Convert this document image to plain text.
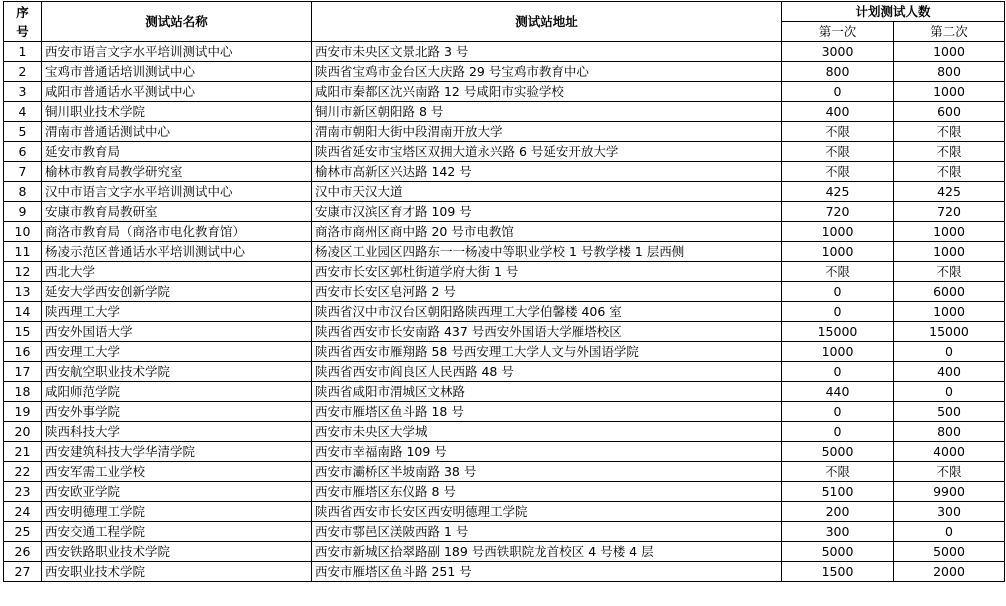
序号	测试站名称	测试站地址	计划测试人数	
			第一次	第二次
1	西安市语言文字水平培训测试中心	西安市未央区文景北路 3 号	3000	1000
2	宝鸡市普通话培训测试中心	陕西省宝鸡市金台区大庆路 29 号宝鸡市教育中心	800	800
3	咸阳市普通话水平测试中心	咸阳市秦都区沈兴南路 12 号咸阳市实验学校	0	1000
4	铜川职业技术学院	铜川市新区朝阳路 8 号	400	600
5	渭南市普通话测试中心	渭南市朝阳大街中段渭南开放大学	不限	不限
6	延安市教育局	陕西省延安市宝塔区双拥大道永兴路 6 号延安开放大学	不限	不限
7	榆林市教育局教学研究室	榆林市高新区兴达路 142 号	不限	不限
8	汉中市语言文字水平培训测试中心	汉中市天汉大道	425	425
9	安康市教育局教研室	安康市汉滨区育才路 109 号	720	720
10	商洛市教育局（商洛市电化教育馆）	商洛市商州区商中路 20 号市电教馆	1000	1000
11	杨凌示范区普通话水平培训测试中心	杨凌区工业园区四路东一一杨凌中等职业学校 1 号教学楼 1 层西侧	1000	1000
12	西北大学	西安市长安区郭杜街道学府大街 1 号	不限	不限
13	延安大学西安创新学院	西安市长安区皂河路 2 号	0	6000
14	陕西理工大学	陕西省汉中市汉台区朝阳路陕西理工大学伯馨楼 406 室	0	1000
15	西安外国语大学	陕西省西安市长安南路 437 号西安外国语大学雁塔校区	15000	15000
16	西安理工大学	陕西省西安市雁翔路 58 号西安理工大学人文与外国语学院	1000	0
17	西安航空职业技术学院	陕西省西安市阎良区人民西路 48 号	0	400
18	咸阳师范学院	陕西省咸阳市渭城区文林路	440	0
19	西安外事学院	西安市雁塔区鱼斗路 18 号	0	500
20	陕西科技大学	西安市未央区大学城	0	800
21	西安建筑科技大学华清学院	西安市幸福南路 109 号	5000	4000
22	西安军需工业学校	西安市灞桥区半坡南路 38 号	不限	不限
23	西安欧亚学院	西安市雁塔区东仪路 8 号	5100	9900
24	西安明德理工学院	陕西省西安市长安区西安明德理工学院	200	300
25	西安交通工程学院	西安市鄠邑区渼陂西路 1 号	300	0
26	西安铁路职业技术学院	西安市新城区拾翠路副 189 号西铁职院龙首校区 4 号楼 4 层	5000	5000
27	西安职业技术学院	西安市雁塔区鱼斗路 251 号	1500	2000
